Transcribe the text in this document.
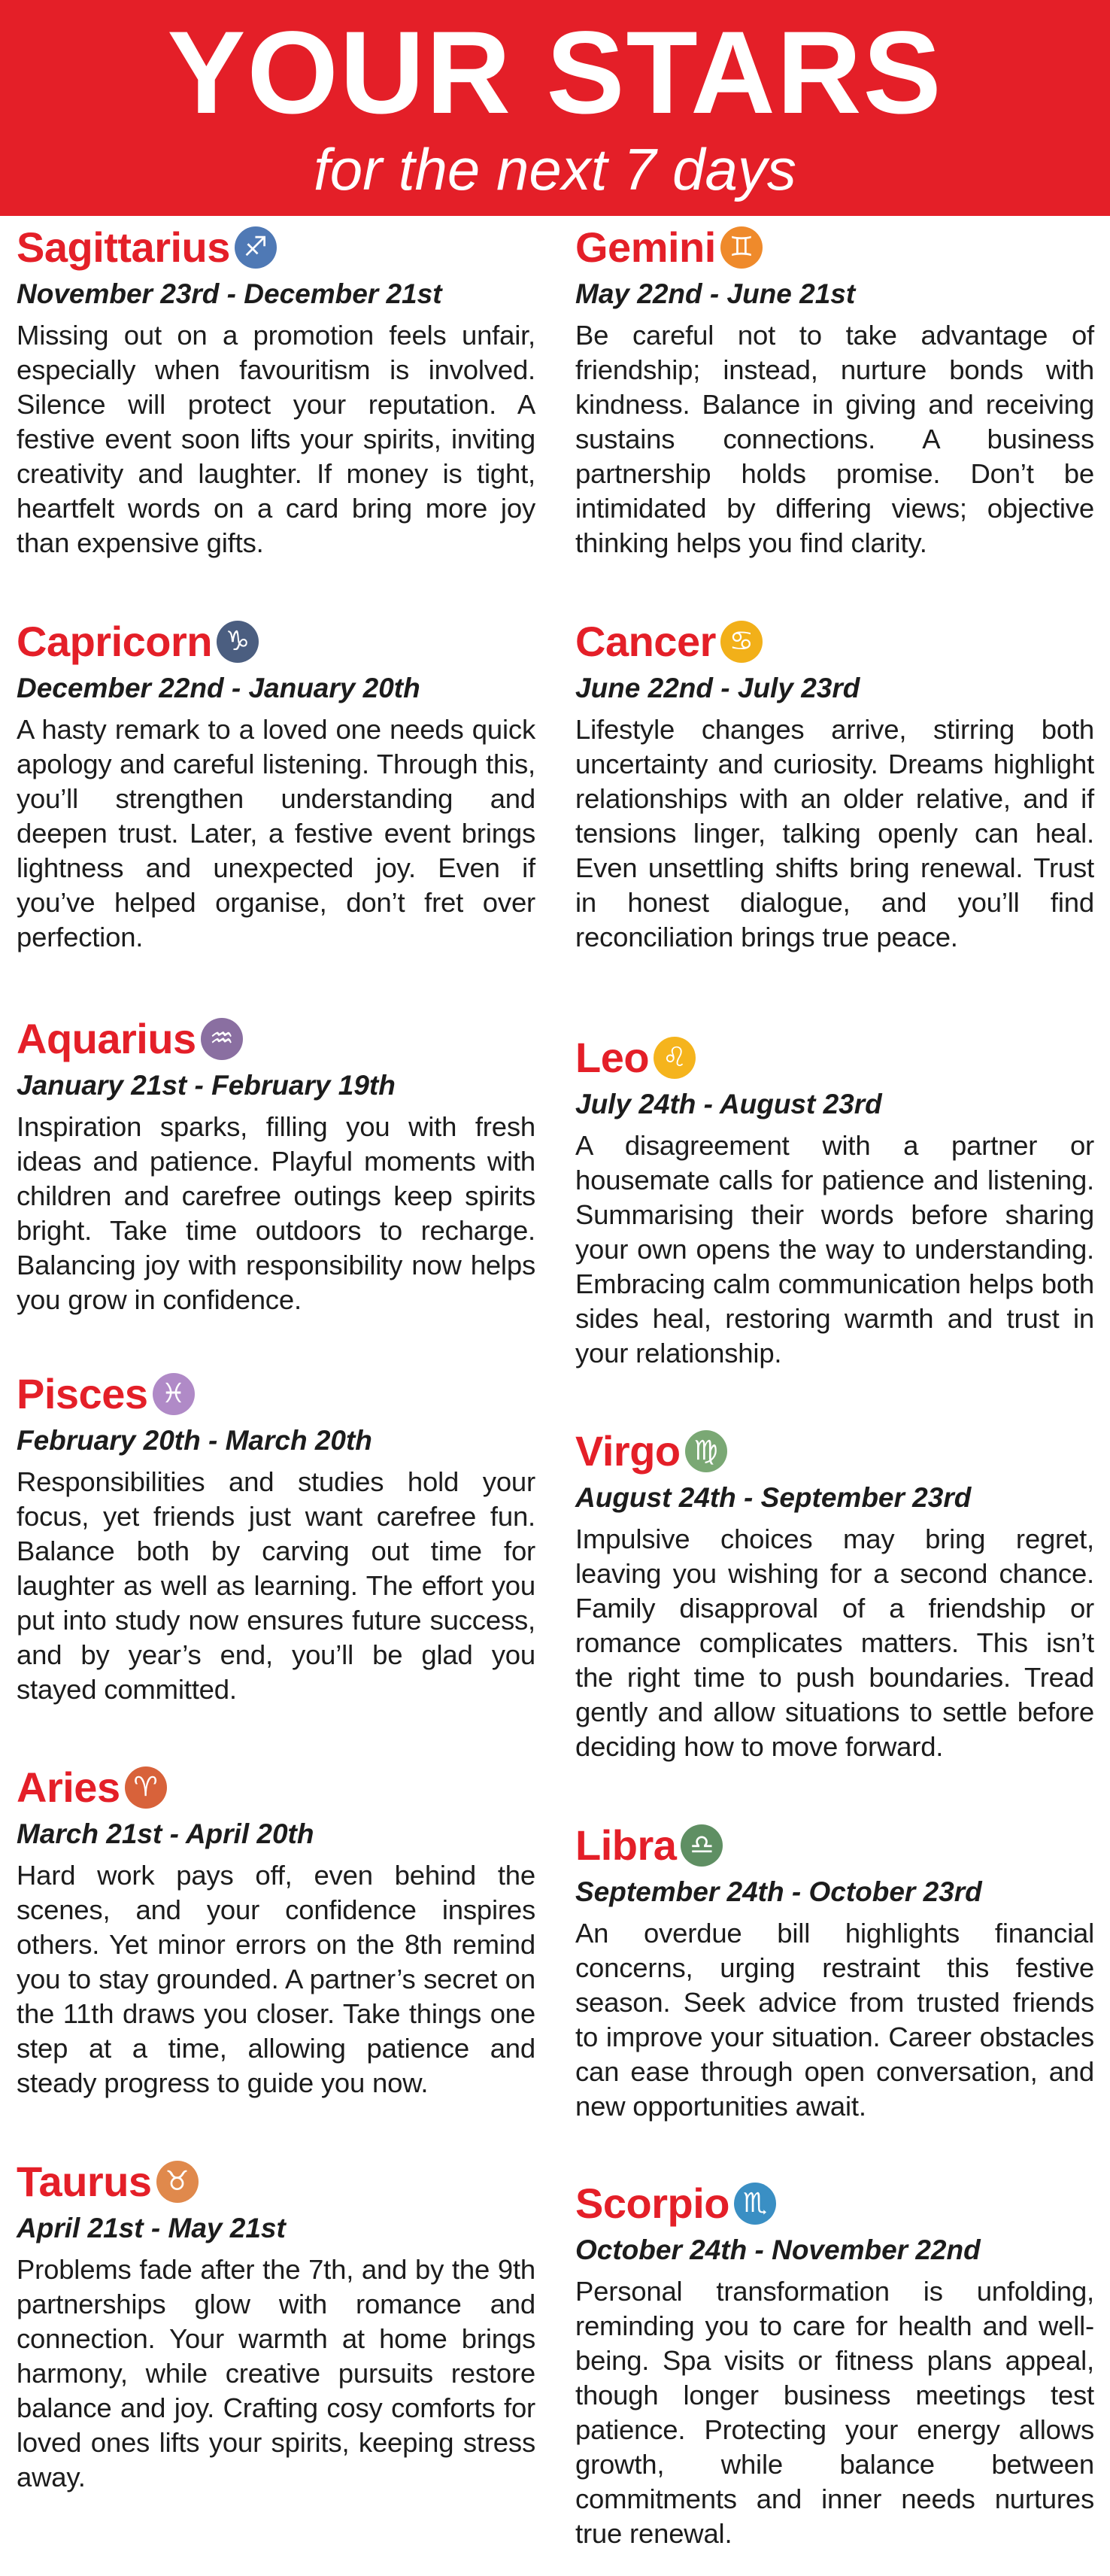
YOUR STARS
for the next 7 days
Sagittarius ♐
November 23rd - December 21st
Missing out on a promotion feels unfair, especially when favouritism is involved. Silence will protect your reputation. A festive event soon lifts your spirits, inviting creativity and laughter. If money is tight, heartfelt words on a card bring more joy than expensive gifts.
Capricorn ♑
December 22nd - January 20th
A hasty remark to a loved one needs quick apology and careful listening. Through this, you’ll strengthen understanding and deepen trust. Later, a festive event brings lightness and unexpected joy. Even if you’ve helped organise, don’t fret over perfection.
Aquarius ♒
January 21st - February 19th
Inspiration sparks, filling you with fresh ideas and patience. Playful moments with children and carefree outings keep spirits bright. Take time outdoors to recharge. Balancing joy with responsibility now helps you grow in confidence.
Pisces ♓
February 20th - March 20th
Responsibilities and studies hold your focus, yet friends just want carefree fun. Balance both by carving out time for laughter as well as learning. The effort you put into study now ensures future success, and by year’s end, you’ll be glad you stayed committed.
Aries ♈
March 21st - April 20th
Hard work pays off, even behind the scenes, and your confidence inspires others. Yet minor errors on the 8th remind you to stay grounded. A partner’s secret on the 11th draws you closer. Take things one step at a time, allowing patience and steady progress to guide you now.
Taurus ♉
April 21st - May 21st
Problems fade after the 7th, and by the 9th partnerships glow with romance and connection. Your warmth at home brings harmony, while creative pursuits restore balance and joy. Crafting cosy comforts for loved ones lifts your spirits, keeping stress away.
Gemini ♊
May 22nd - June 21st
Be careful not to take advantage of friendship; instead, nurture bonds with kindness. Balance in giving and receiving sustains connections. A business partnership holds promise. Don’t be intimidated by differing views; objective thinking helps you find clarity.
Cancer ♋
June 22nd - July 23rd
Lifestyle changes arrive, stirring both uncertainty and curiosity. Dreams highlight relationships with an older relative, and if tensions linger, talking openly can heal. Even unsettling shifts bring renewal. Trust in honest dialogue, and you’ll find reconciliation brings true peace.
Leo ♌
July 24th - August 23rd
A disagreement with a partner or housemate calls for patience and listening. Summarising their words before sharing your own opens the way to understanding. Embracing calm communication helps both sides heal, restoring warmth and trust in your relationship.
Virgo ♍
August 24th - September 23rd
Impulsive choices may bring regret, leaving you wishing for a second chance. Family disapproval of a friendship or romance complicates matters. This isn’t the right time to push boundaries. Tread gently and allow situations to settle before deciding how to move forward.
Libra ♎
September 24th - October 23rd
An overdue bill highlights financial concerns, urging restraint this festive season. Seek advice from trusted friends to improve your situation. Career obstacles can ease through open conversation, and new opportunities await.
Scorpio ♏
October 24th - November 22nd
Personal transformation is unfolding, reminding you to care for health and well-being. Spa visits or fitness plans appeal, though longer business meetings test patience. Protecting your energy allows growth, while balance between commitments and inner needs nurtures true renewal.
